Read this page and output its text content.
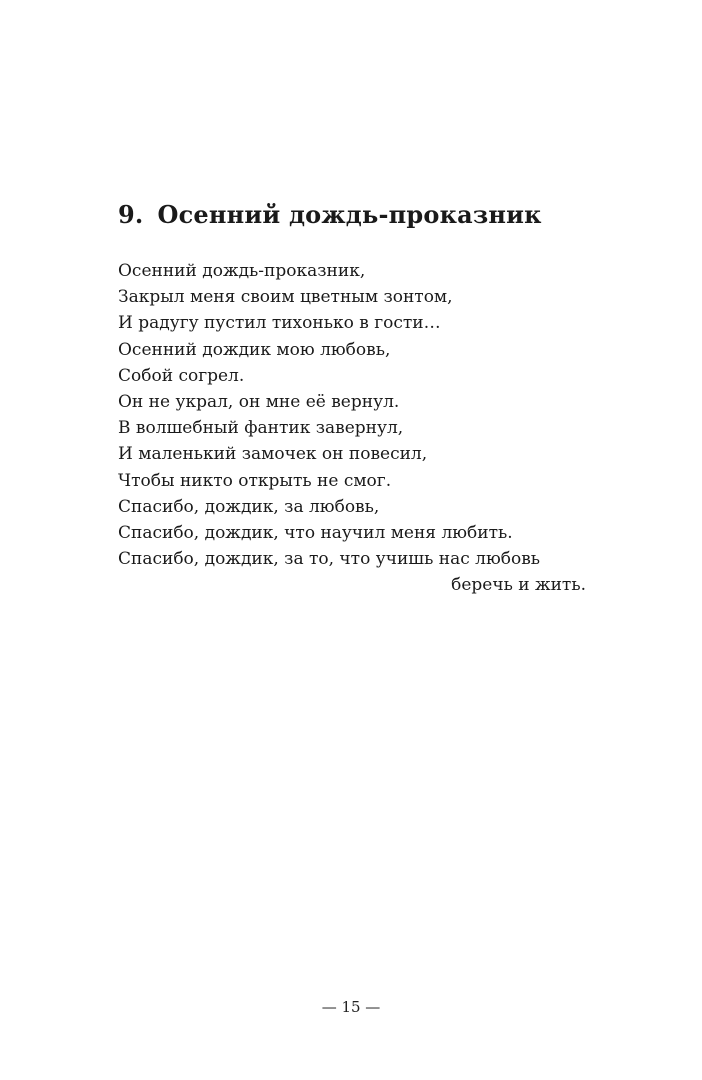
9. Осенний дождь-проказник
Осенний дождь-проказник,
Закрыл меня своим цветным зонтом,
И радугу пустил тихонько в гости…
Осенний дождик мою любовь,
Собой согрел.
Он не украл, он мне её вернул.
В волшебный фантик завернул,
И маленький замочек он повесил,
Чтобы никто открыть не смог.
Спасибо, дождик, за любовь,
Спасибо, дождик, что научил меня любить.
Спасибо, дождик, за то, что учишь нас любовь
беречь и жить.
— 15 —
